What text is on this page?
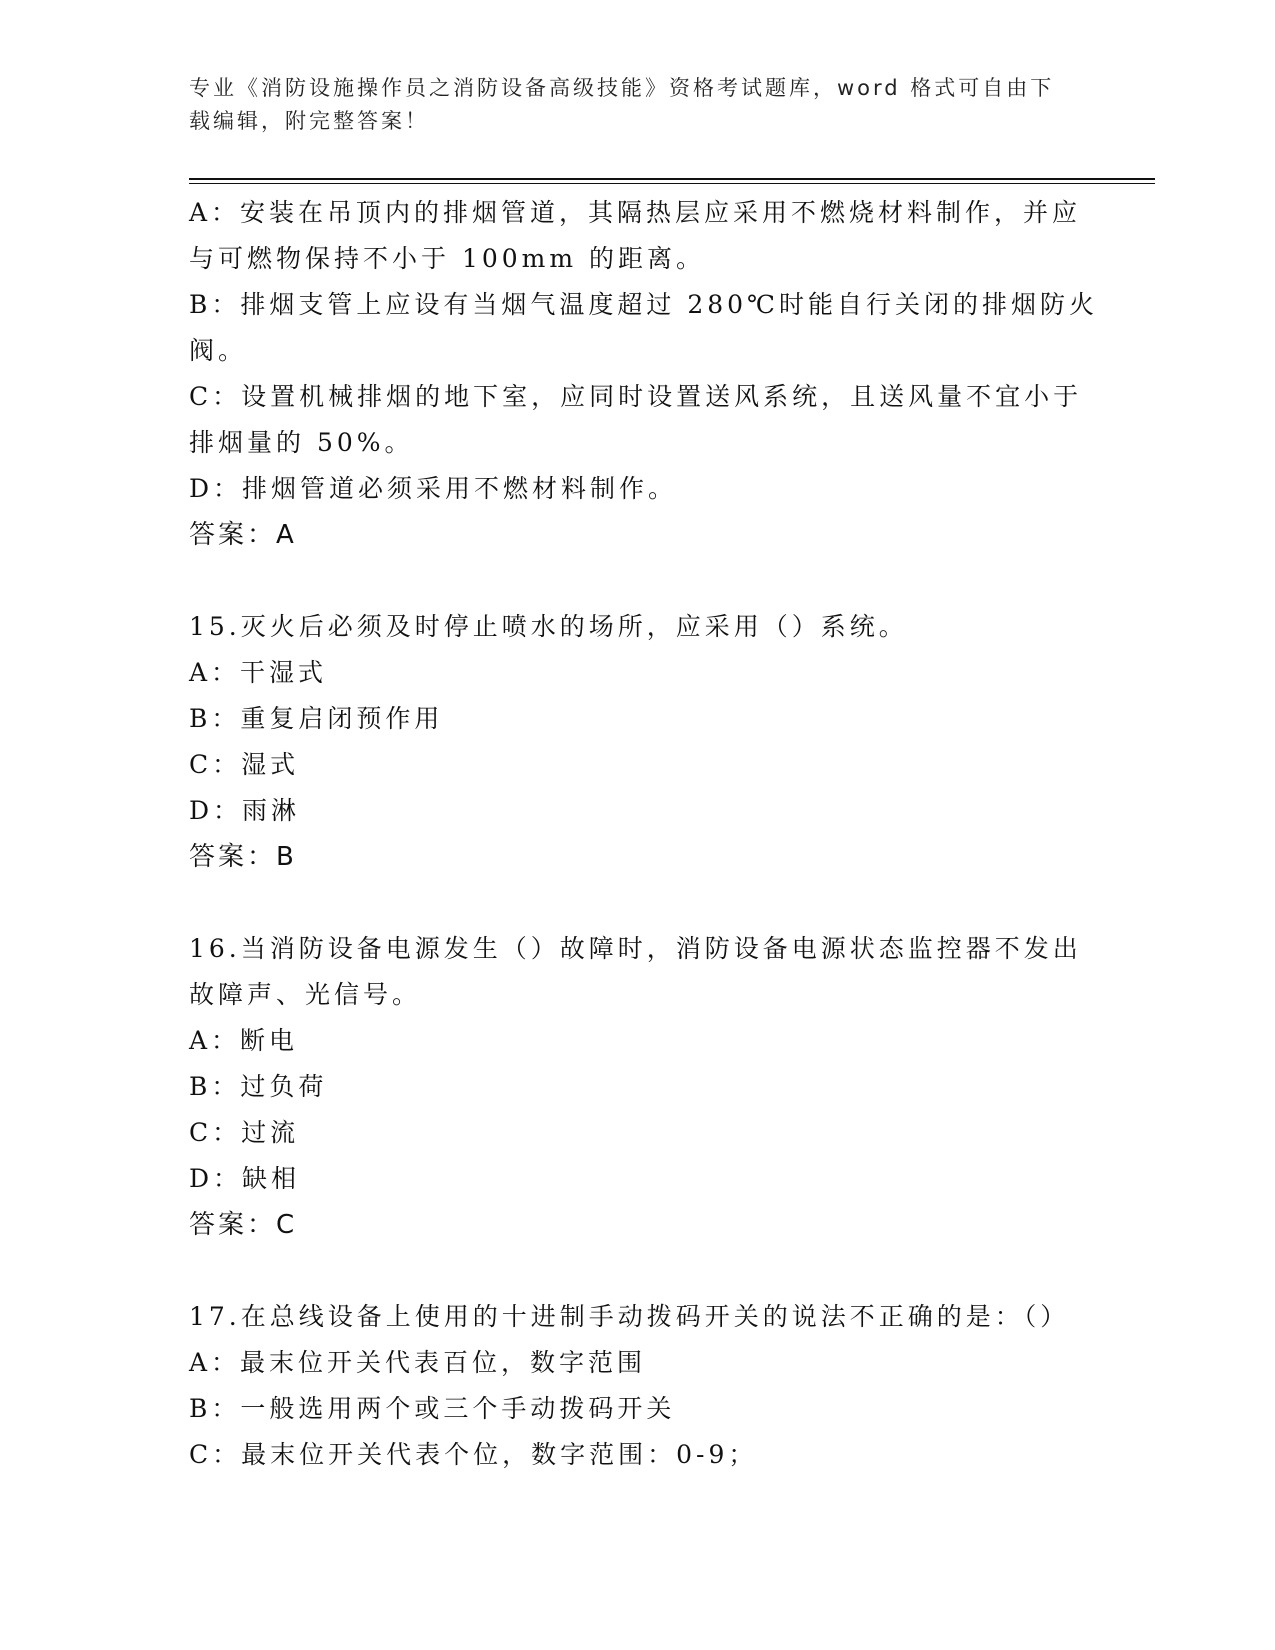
专业《消防设施操作员之消防设备高级技能》资格考试题库，word 格式可自由下
载编辑，附完整答案！
A：安装在吊顶内的排烟管道，其隔热层应采用不燃烧材料制作，并应
与可燃物保持不小于 100mm 的距离。
B：排烟支管上应设有当烟气温度超过 280℃时能自行关闭的排烟防火
阀。
C：设置机械排烟的地下室，应同时设置送风系统，且送风量不宜小于
排烟量的 50%。
D：排烟管道必须采用不燃材料制作。
答案：A
15.灭火后必须及时停止喷水的场所，应采用（）系统。
A：干湿式
B：重复启闭预作用
C：湿式
D：雨淋
答案：B
16.当消防设备电源发生（）故障时，消防设备电源状态监控器不发出
故障声、光信号。
A：断电
B：过负荷
C：过流
D：缺相
答案：C
17.在总线设备上使用的十进制手动拨码开关的说法不正确的是：（）
A：最末位开关代表百位，数字范围
B：一般选用两个或三个手动拨码开关
C：最末位开关代表个位，数字范围：0-9；
